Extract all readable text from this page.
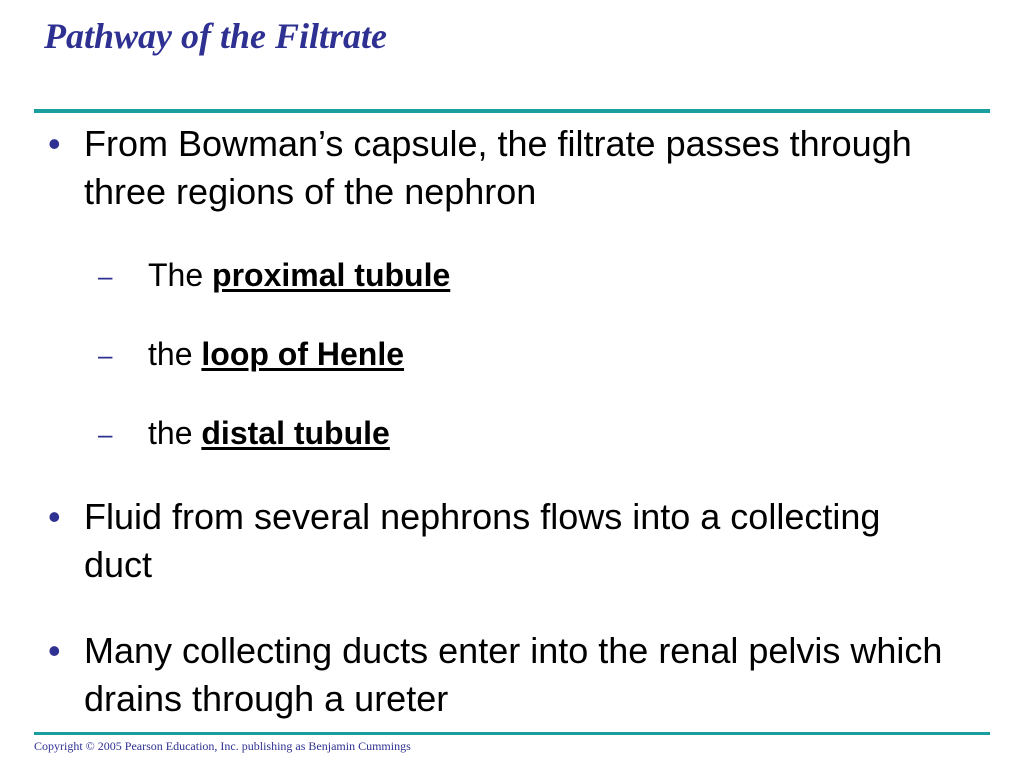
Pathway of the Filtrate
• From Bowman’s capsule, the filtrate passes through three regions of the nephron
– The proximal tubule
– the loop of Henle
– the distal tubule
• Fluid from several nephrons flows into a collecting duct
• Many collecting ducts enter into the renal pelvis which drains through a ureter
Copyright © 2005 Pearson Education, Inc. publishing as Benjamin Cummings
